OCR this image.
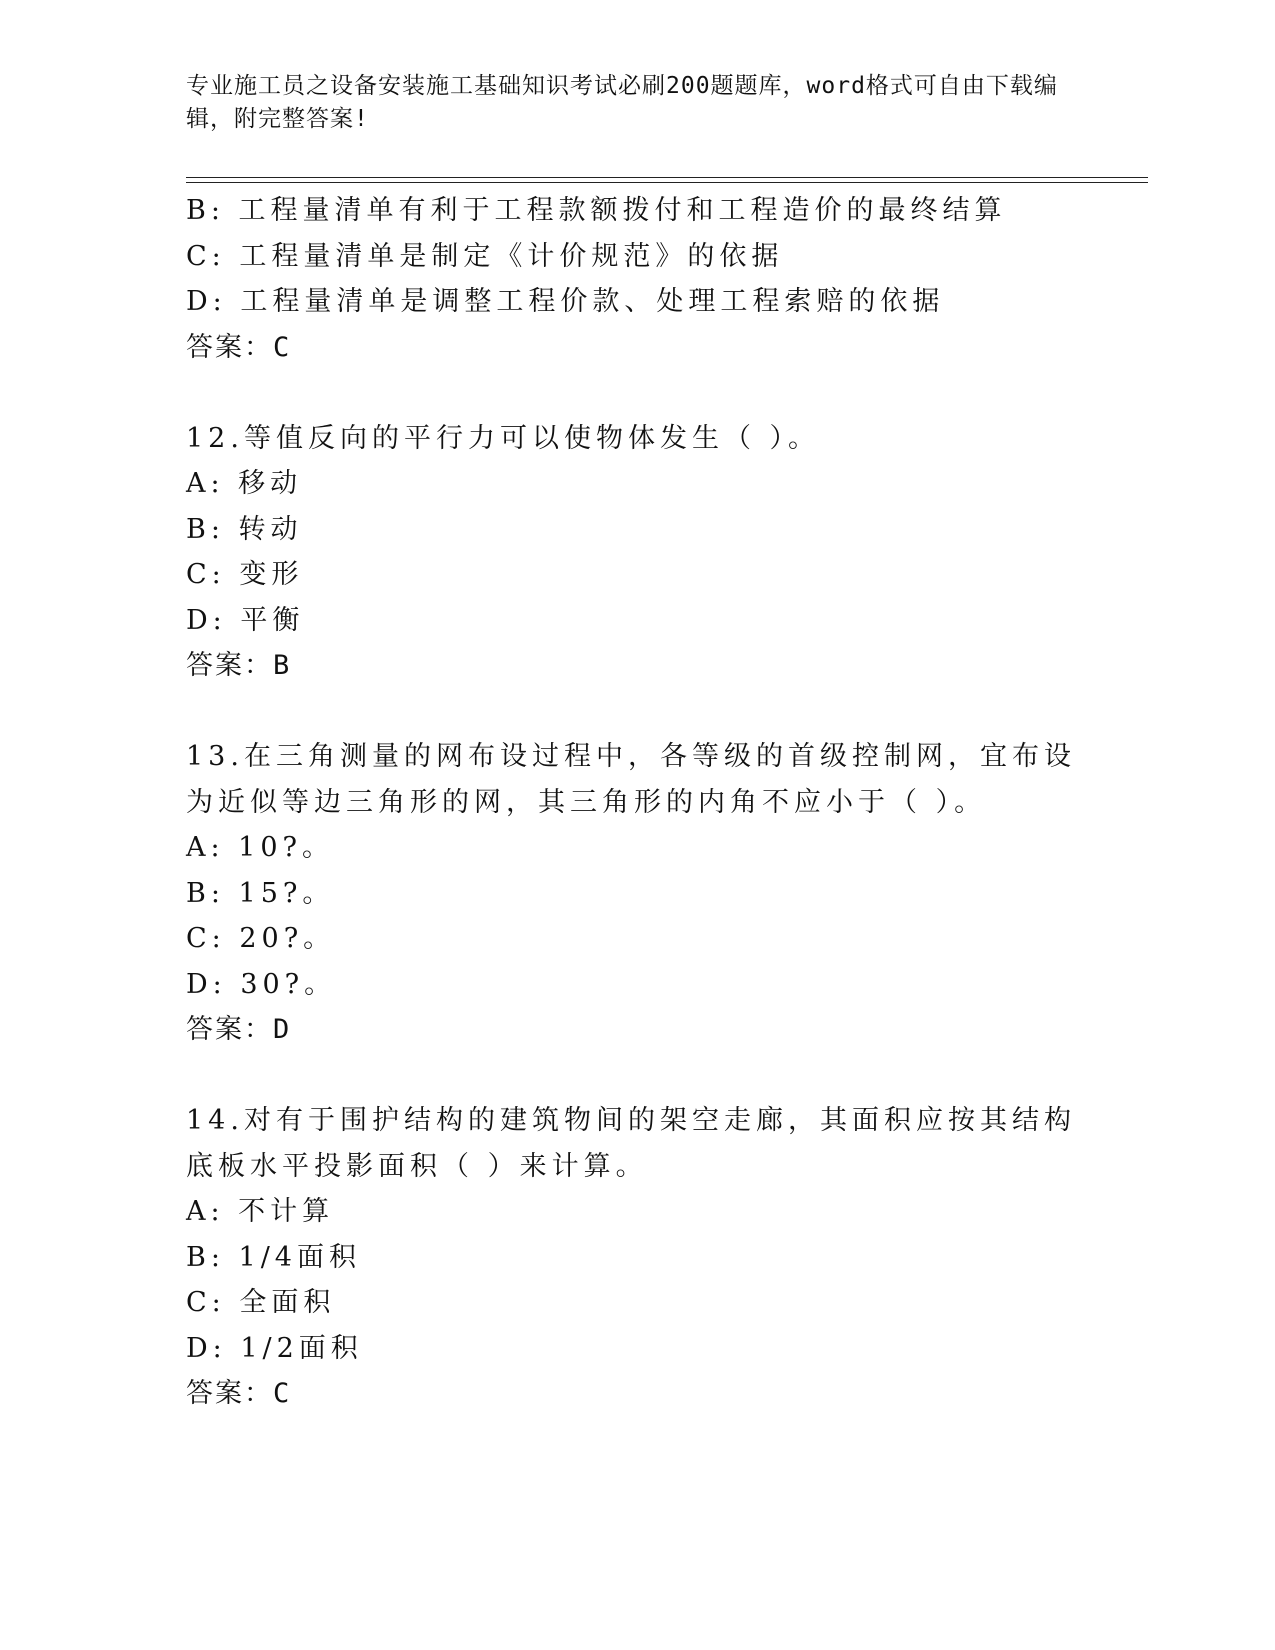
专业施工员之设备安装施工基础知识考试必刷200题题库，word格式可自由下载编辑，附完整答案!
B: 工程量清单有利于工程款额拨付和工程造价的最终结算
C: 工程量清单是制定《计价规范》的依据
D: 工程量清单是调整工程价款、处理工程索赔的依据
答案：C
12.等值反向的平行力可以使物体发生（ ）。
A: 移动
B: 转动
C: 变形
D: 平衡
答案：B
13.在三角测量的网布设过程中，各等级的首级控制网，宜布设为近似等边三角形的网，其三角形的内角不应小于（ ）。
A: 10?。
B: 15?。
C: 20?。
D: 30?。
答案：D
14.对有于围护结构的建筑物间的架空走廊，其面积应按其结构底板水平投影面积（ ）来计算。
A: 不计算
B: 1/4面积
C: 全面积
D: 1/2面积
答案：C
